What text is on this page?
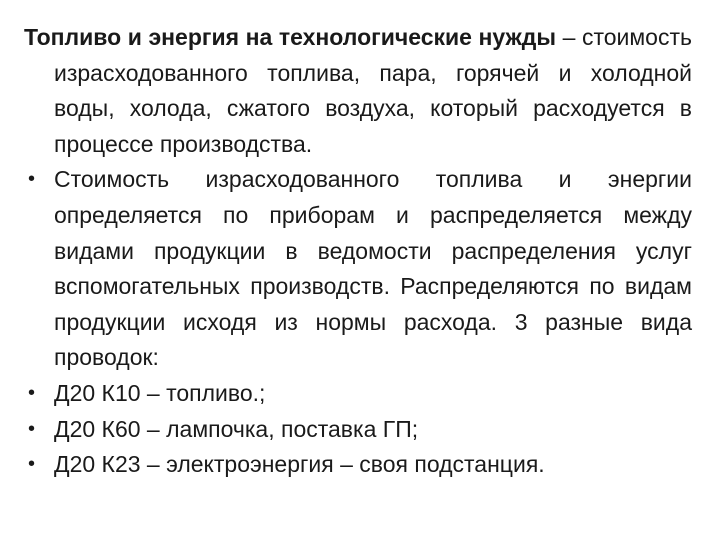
Топливо и энергия на технологические нужды – стоимость израсходованного топлива, пара, горячей и холодной воды, холода, сжатого воздуха, который расходуется в процессе производства.

• Стоимость израсходованного топлива и энергии определяется по приборам и распределяется между видами продукции в ведомости распределения услуг вспомогательных производств. Распределяются по видам продукции исходя из нормы расхода. 3 разные вида проводок:

• Д20 К10 – топливо.;

• Д20 К60 – лампочка, поставка ГП;

• Д20 К23 – электроэнергия – своя подстанция.
